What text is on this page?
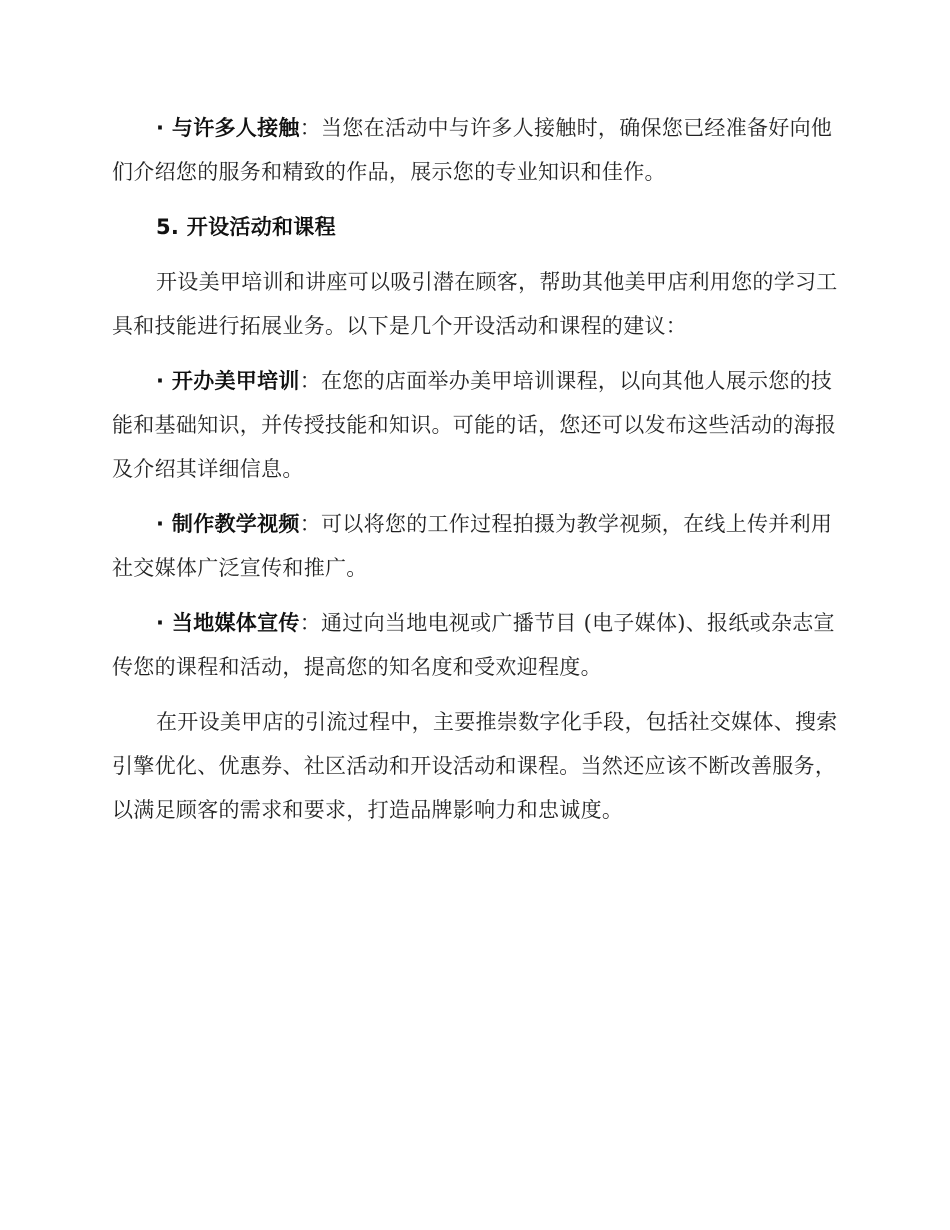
· 与许多人接触：当您在活动中与许多人接触时，确保您已经准备好向他们介绍您的服务和精致的作品，展示您的专业知识和佳作。

5. 开设活动和课程

开设美甲培训和讲座可以吸引潜在顾客，帮助其他美甲店利用您的学习工具和技能进行拓展业务。以下是几个开设活动和课程的建议：

· 开办美甲培训：在您的店面举办美甲培训课程，以向其他人展示您的技能和基础知识，并传授技能和知识。可能的话，您还可以发布这些活动的海报及介绍其详细信息。

· 制作教学视频：可以将您的工作过程拍摄为教学视频，在线上传并利用社交媒体广泛宣传和推广。

· 当地媒体宣传：通过向当地电视或广播节目 (电子媒体)、报纸或杂志宣传您的课程和活动，提高您的知名度和受欢迎程度。

在开设美甲店的引流过程中，主要推崇数字化手段，包括社交媒体、搜索引擎优化、优惠券、社区活动和开设活动和课程。当然还应该不断改善服务，以满足顾客的需求和要求，打造品牌影响力和忠诚度。
